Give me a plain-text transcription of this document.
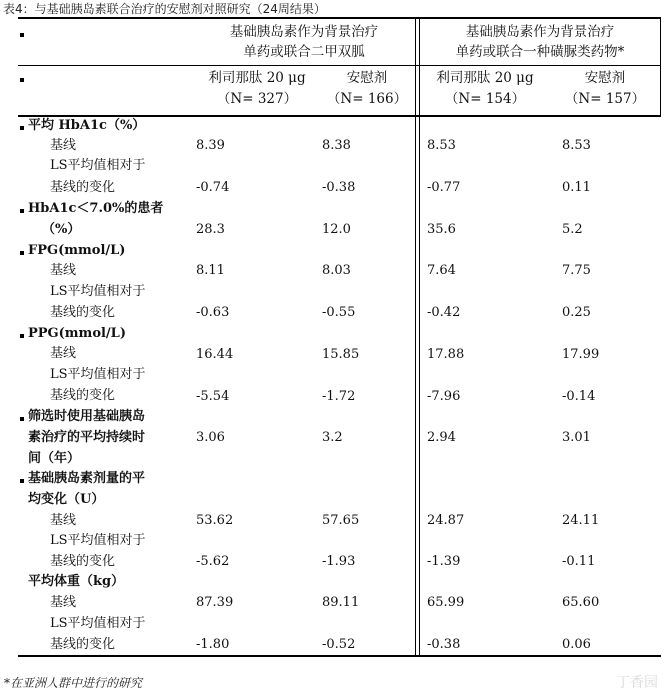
表4：与基础胰岛素联合治疗的安慰剂对照研究（24周结果）
基础胰岛素作为背景治疗
单药或联合二甲双胍
基础胰岛素作为背景治疗
单药或联合一种磺脲类药物*
利司那肽 20 μg	安慰剂	利司那肽 20 μg	安慰剂
（N= 327）	（N= 166）	（N= 154）	（N= 157）
平均 HbA1c（%）
基线	8.39	8.38	8.53	8.53
LS平均值相对于
基线的变化	-0.74	-0.38	-0.77	0.11
HbA1c＜7.0%的患者
（%）	28.3	12.0	35.6	5.2
FPG(mmol/L)
基线	8.11	8.03	7.64	7.75
LS平均值相对于
基线的变化	-0.63	-0.55	-0.42	0.25
PPG(mmol/L)
基线	16.44	15.85	17.88	17.99
LS平均值相对于
基线的变化	-5.54	-1.72	-7.96	-0.14
筛选时使用基础胰岛
素治疗的平均持续时
间（年）
3.06	3.2	2.94	3.01
基础胰岛素剂量的平
均变化（U）
基线	53.62	57.65	24.87	24.11
LS平均值相对于
基线的变化	-5.62	-1.93	-1.39	-0.11
平均体重（kg）
基线	87.39	89.11	65.99	65.60
LS平均值相对于
基线的变化	-1.80	-0.52	-0.38	0.06
*在亚洲人群中进行的研究	丁香园
